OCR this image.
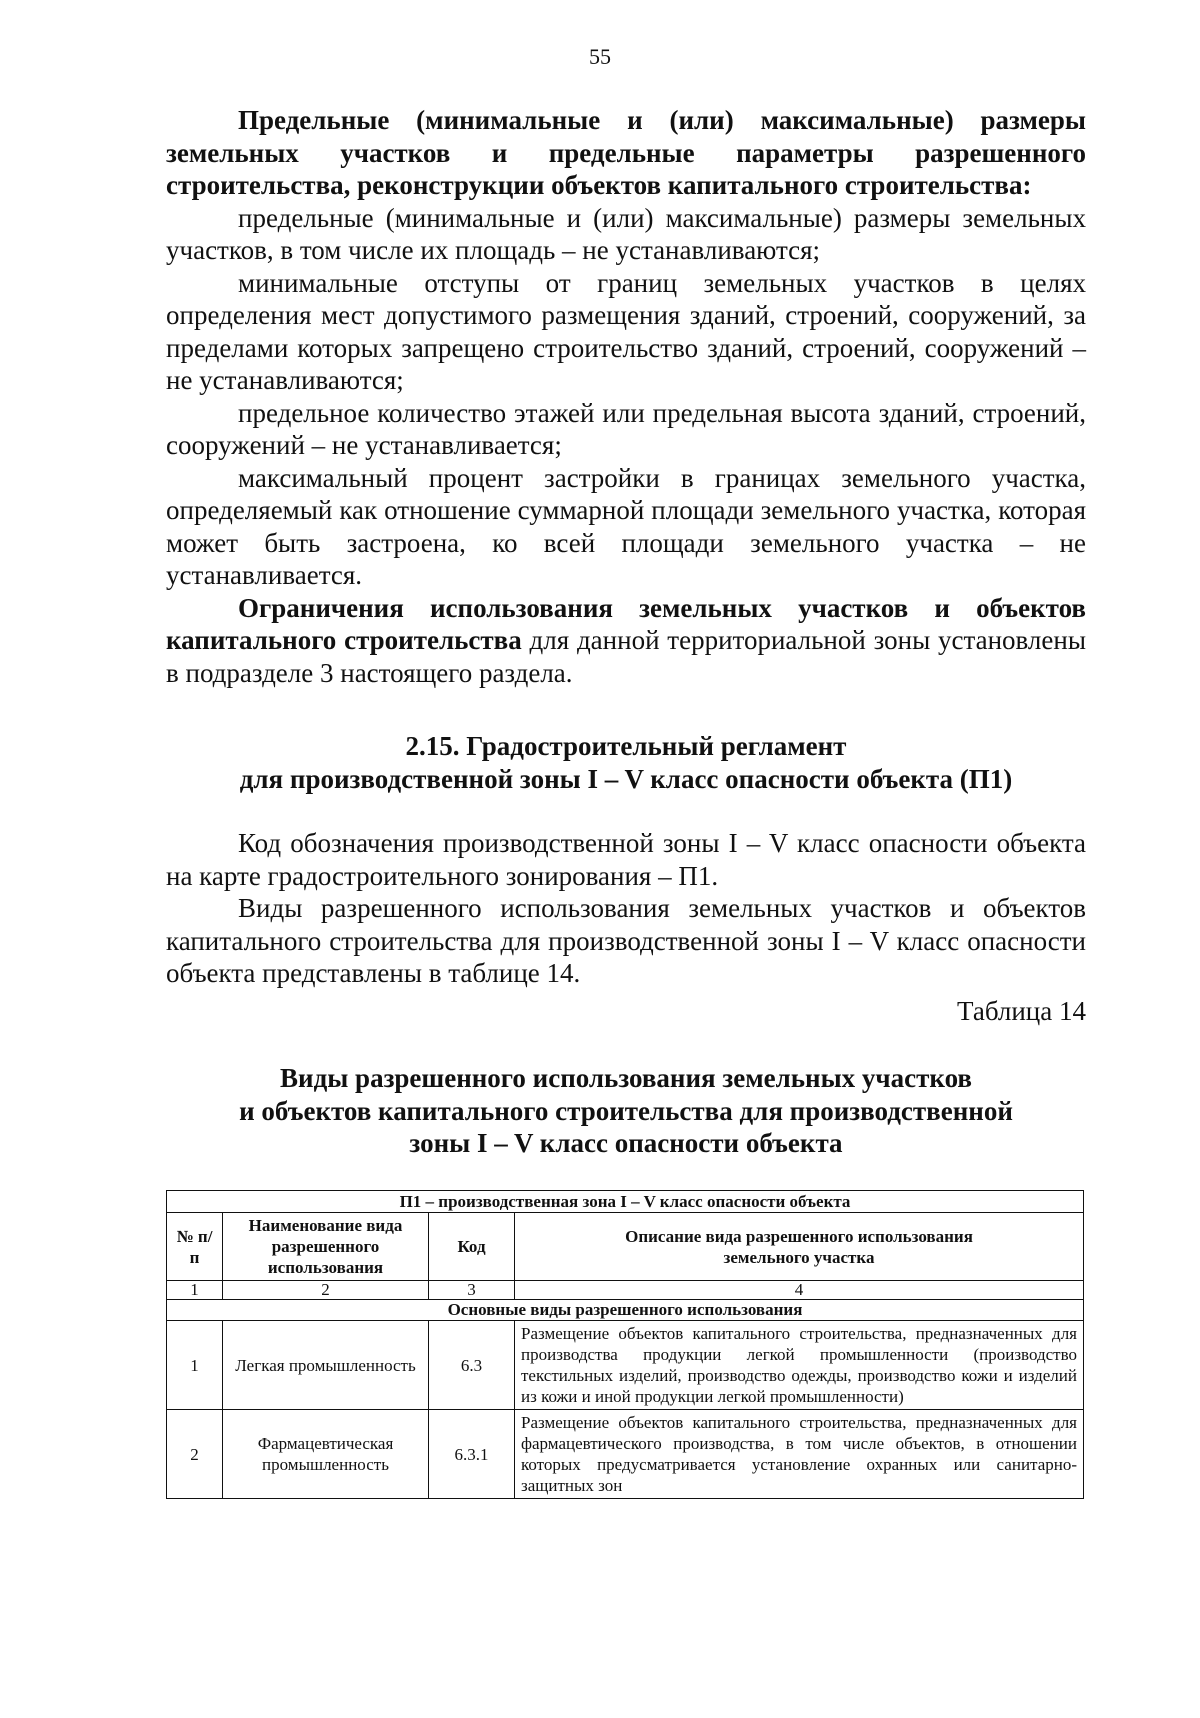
55

Предельные (минимальные и (или) максимальные) размеры

земельных участков и предельные параметры разрешенного

строительства, реконструкции объектов капитального строительства:

предельные (минимальные и (или) максимальные) размеры земельных участков, в том числе их площадь – не устанавливаются;

минимальные отступы от границ земельных участков в целях определения мест допустимого размещения зданий, строений, сооружений, за пределами которых запрещено строительство зданий, строений, сооружений – не устанавливаются;

предельное количество этажей или предельная высота зданий, строений, сооружений – не устанавливается;

максимальный процент застройки в границах земельного участка, определяемый как отношение суммарной площади земельного участка, которая может быть застроена, ко всей площади земельного участка – не устанавливается.

Ограничения использования земельных участков и объектов капитального строительства для данной территориальной зоны установлены в подразделе 3 настоящего раздела.

2.15. Градостроительный регламент
для производственной зоны I – V класс опасности объекта (П1)

Код обозначения производственной зоны I – V класс опасности объекта на карте градостроительного зонирования – П1.

Виды разрешенного использования земельных участков и объектов капитального строительства для производственной зоны I – V класс опасности объекта представлены в таблице 14.

Таблица 14
Виды разрешенного использования земельных участков
и объектов капитального строительства для производственной
зоны I – V класс опасности объекта
П1 – производственная зона I – V класс опасности объекта			
№ п/п	Наименование вида разрешенного использования	Код	Описание вида разрешенного использования земельного участка
1	2	3	4
Основные виды разрешенного использования			
1	Легкая промышленность	6.3	Размещение объектов капитального строительства, предназначенных для производства продукции легкой промышленности (производство текстильных изделий, производство одежды, производство кожи и изделий из кожи и иной продукции легкой промышленности)
2	Фармацевтическая промышленность	6.3.1	Размещение объектов капитального строительства, предназначенных для фармацевтического производства, в том числе объектов, в отношении которых предусматривается установление охранных или санитарно-защитных зон
